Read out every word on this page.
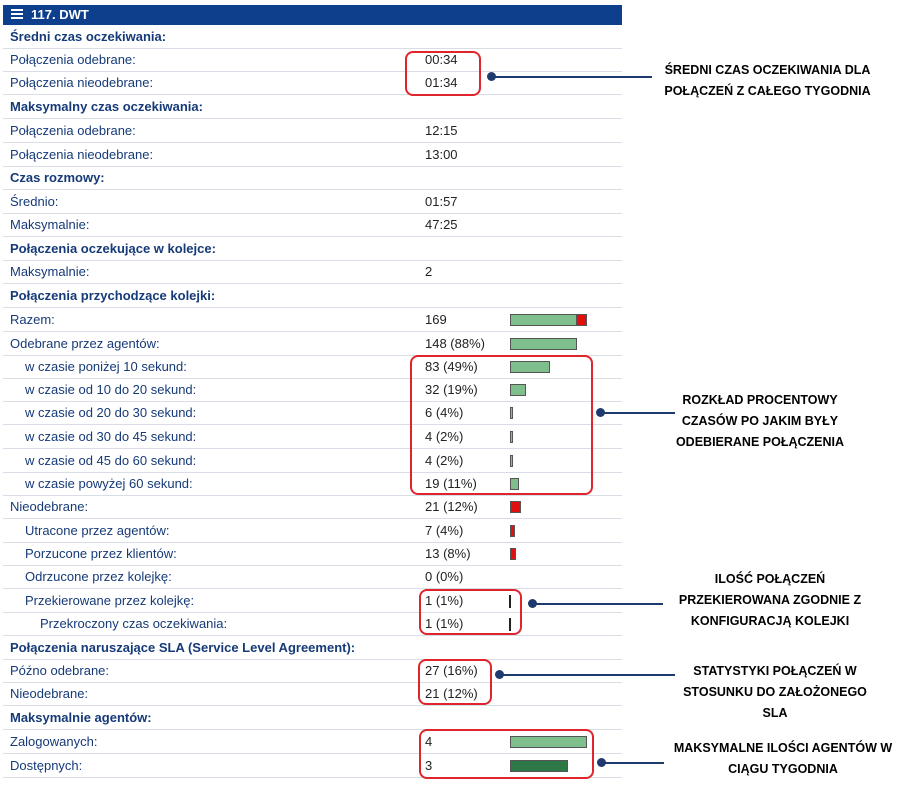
117. DWT
Średni czas oczekiwania:
Połączenia odebrane:	00:34
Połączenia nieodebrane:	01:34
Maksymalny czas oczekiwania:
Połączenia odebrane:	12:15
Połączenia nieodebrane:	13:00
Czas rozmowy:
Średnio:	01:57
Maksymalnie:	47:25
Połączenia oczekujące w kolejce:
Maksymalnie:	2
Połączenia przychodzące kolejki:
Razem:	169
Odebrane przez agentów:	148 (88%)
w czasie poniżej 10 sekund:	83 (49%)
w czasie od 10 do 20 sekund:	32 (19%)
w czasie od 20 do 30 sekund:	6 (4%)
w czasie od 30 do 45 sekund:	4 (2%)
w czasie od 45 do 60 sekund:	4 (2%)
w czasie powyżej 60 sekund:	19 (11%)
Nieodebrane:	21 (12%)
Utracone przez agentów:	7 (4%)
Porzucone przez klientów:	13 (8%)
Odrzucone przez kolejkę:	0 (0%)
Przekierowane przez kolejkę:	1 (1%)
Przekroczony czas oczekiwania:	1 (1%)
Połączenia naruszające SLA (Service Level Agreement):
Późno odebrane:	27 (16%)
Nieodebrane:	21 (12%)
Maksymalnie agentów:
Zalogowanych:	4
Dostępnych:	3
ŚREDNI CZAS OCZEKIWANIA DLA POŁĄCZEŃ Z CAŁEGO TYGODNIA
ROZKŁAD PROCENTOWY CZASÓW PO JAKIM BYŁY ODEBIERANE POŁĄCZENIA
ILOŚĆ POŁĄCZEŃ PRZEKIEROWANA ZGODNIE Z KONFIGURACJĄ KOLEJKI
STATYSTYKI POŁĄCZEŃ W STOSUNKU DO ZAŁOŻONEGO SLA
MAKSYMALNE ILOŚCI AGENTÓW W CIĄGU TYGODNIA
